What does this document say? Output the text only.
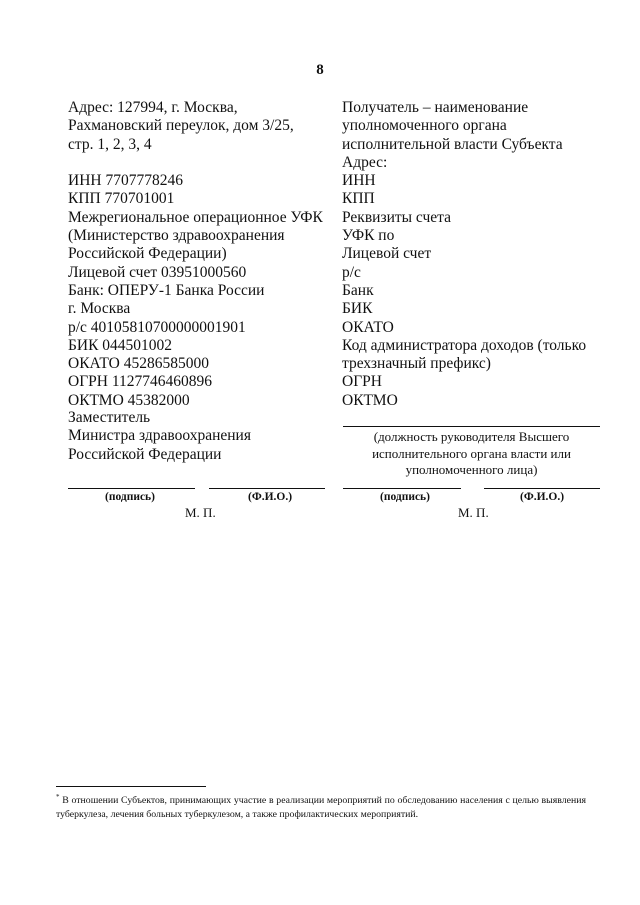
8
Адрес: 127994, г. Москва,
Рахмановский переулок, дом 3/25,
стр. 1, 2, 3, 4
ИНН 7707778246
КПП 770701001
Межрегиональное операционное УФК
(Министерство здравоохранения
Российской Федерации)
Лицевой счет 03951000560
Банк: ОПЕРУ-1 Банка России
г. Москва
р/с 40105810700000001901
БИК 044501002
ОКАТО 45286585000
ОГРН 1127746460896
ОКТМО 45382000
Получатель – наименование
уполномоченного органа
исполнительной власти Субъекта
Адрес:
ИНН
КПП
Реквизиты счета
УФК по
Лицевой счет
р/с
Банк
БИК
ОКАТО
Код администратора доходов (только
трехзначный префикс)
ОГРН
ОКТМО
Заместитель
Министра здравоохранения
Российской Федерации
(должность руководителя Высшего исполнительного органа власти или уполномоченного лица)
(подпись)	(Ф.И.О.)	(подпись)	(Ф.И.О.)
М. П.	М. П.
* В отношении Субъектов, принимающих участие в реализации мероприятий по обследованию населения с целью выявления туберкулеза, лечения больных туберкулезом, а также профилактических мероприятий.
